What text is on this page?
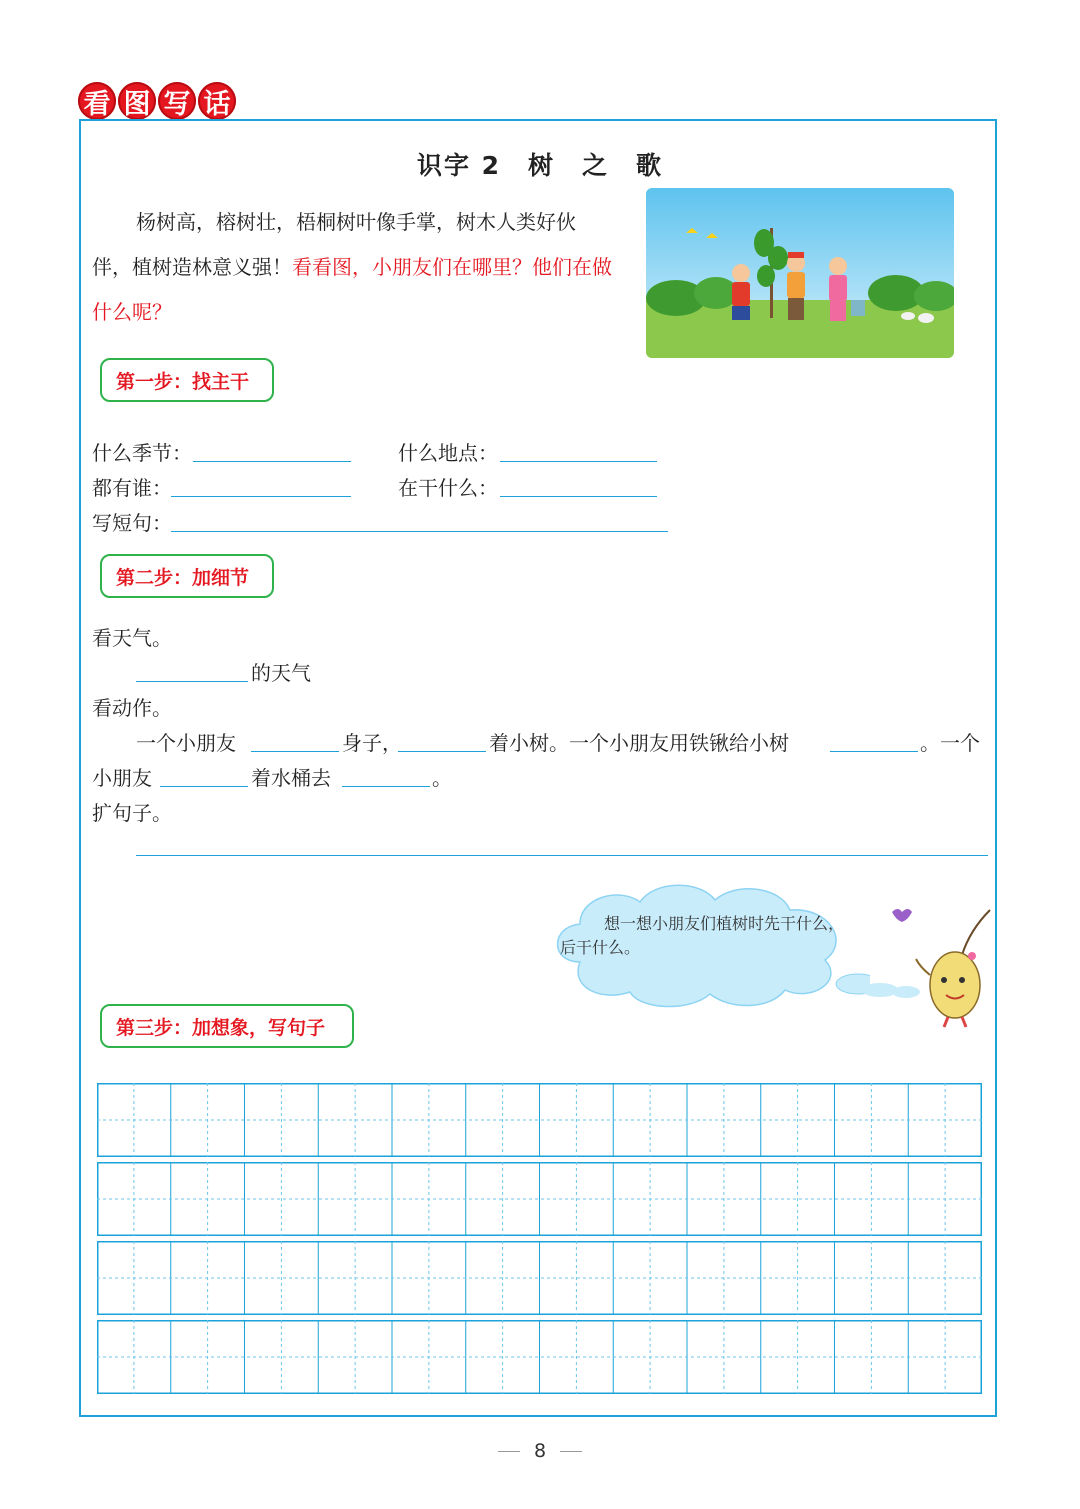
看 图 写 话
识字 2　树　之　歌
杨树高，榕树壮，梧桐树叶像手掌，树木人类好伙伴，植树造林意义强！看看图，小朋友们在哪里？他们在做什么呢？
第一步：找主干
什么季节：	什么地点：
都有谁：	在干什么：
写短句：
第二步：加细节
看天气。
的天气
看动作。
一个小朋友	身子，	着小树。一个小朋友用铁锹给小树	。一个
小朋友	着水桶去	。
扩句子。
想一想小朋友们植树时先干什么，后干什么。
第三步：加想象，写句子
8
